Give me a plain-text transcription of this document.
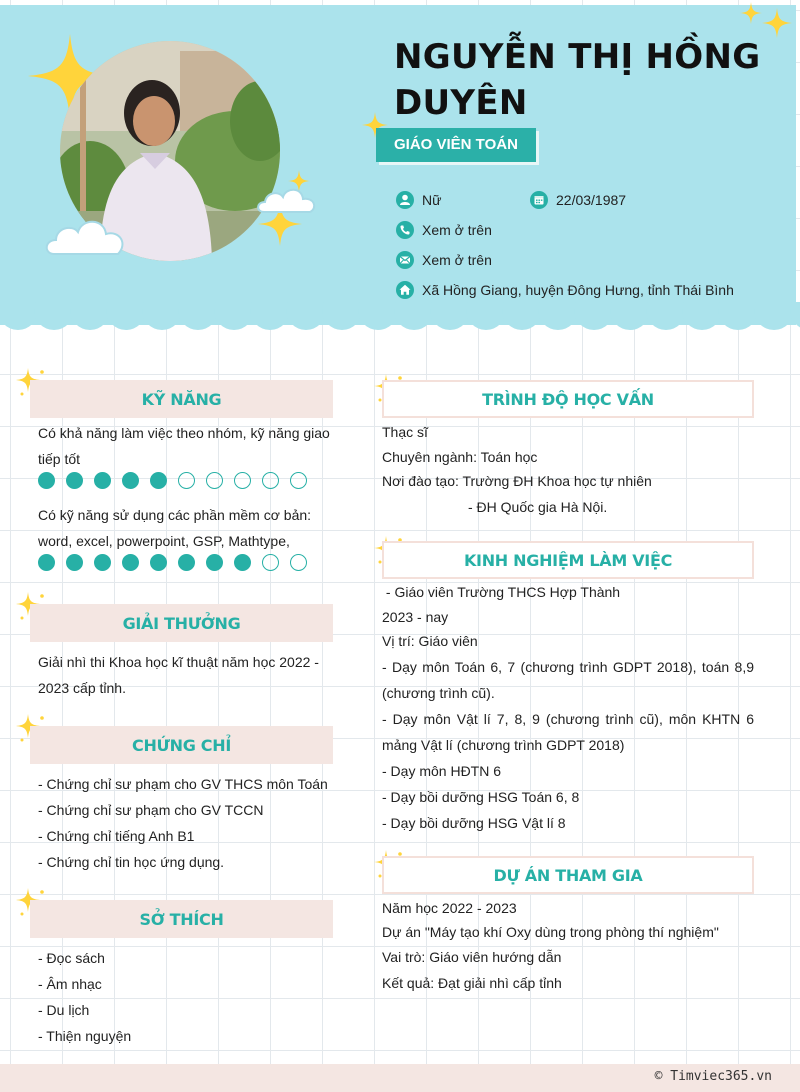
NGUYỄN THỊ HỒNG DUYÊN
GIÁO VIÊN TOÁN
Nữ	22/03/1987
Xem ở trên
Xem ở trên
Xã Hồng Giang, huyện Đông Hưng, tỉnh Thái Bình
KỸ NĂNG
Có khả năng làm việc theo nhóm, kỹ năng giao tiếp tốt
Có kỹ năng sử dụng các phần mềm cơ bản: word, excel, powerpoint, GSP, Mathtype,
GIẢI THƯỞNG
Giải nhì thi Khoa học kĩ thuật năm học 2022 - 2023 cấp tỉnh.
CHỨNG CHỈ
- Chứng chỉ sư phạm cho GV THCS môn Toán
- Chứng chỉ sư phạm cho GV TCCN
- Chứng chỉ tiếng Anh B1
- Chứng chỉ tin học ứng dụng.
SỞ THÍCH
- Đọc sách
- Âm nhạc
- Du lịch
- Thiện nguyện
TRÌNH ĐỘ HỌC VẤN
Thạc sĩ
Chuyên ngành: Toán học
Nơi đào tạo: Trường ĐH Khoa học tự nhiên
- ĐH Quốc gia Hà Nội.
KINH NGHIỆM LÀM VIỆC
- Giáo viên Trường THCS Hợp Thành
2023 - nay
Vị trí: Giáo viên
- Dạy môn Toán 6, 7 (chương trình GDPT 2018), toán 8,9 (chương trình cũ).
- Dạy môn Vật lí 7, 8, 9 (chương trình cũ), môn KHTN 6 mảng Vật lí (chương trình GDPT 2018)
- Dạy môn HĐTN 6
- Dạy bồi dưỡng HSG Toán 6, 8
- Dạy bồi dưỡng HSG Vật lí 8
DỰ ÁN THAM GIA
Năm học 2022 - 2023
Dự án "Máy tạo khí Oxy dùng trong phòng thí nghiệm"
Vai trò: Giáo viên hướng dẫn
Kết quả: Đạt giải nhì cấp tỉnh
© Timviec365.vn
